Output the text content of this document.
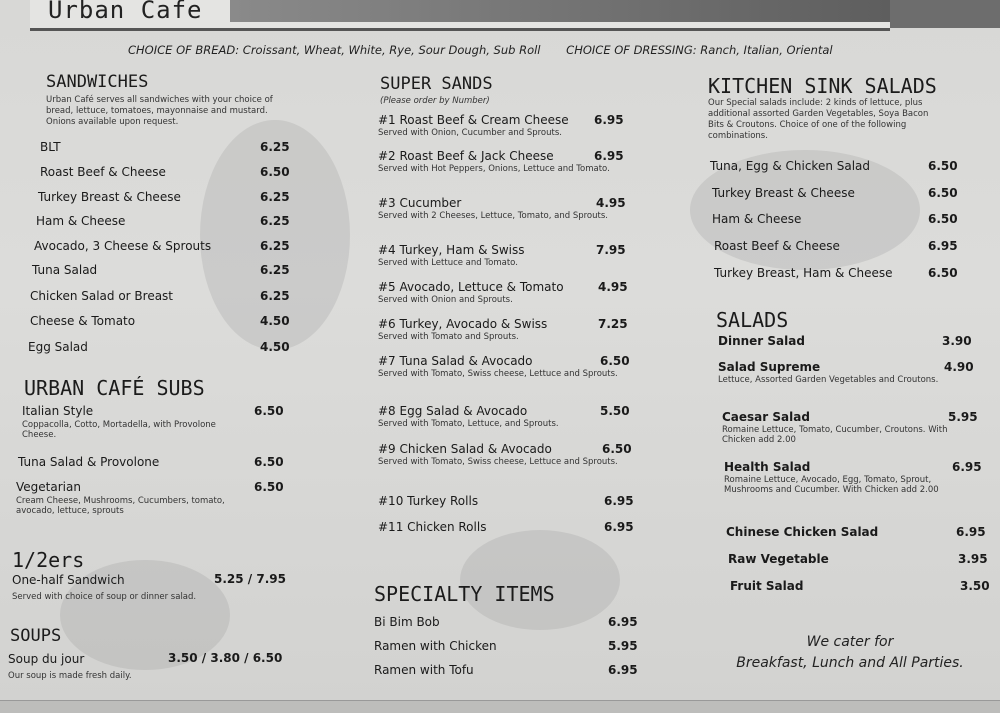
Urban Cafe
CHOICE OF BREAD: Croissant, Wheat, White, Rye, Sour Dough, Sub Roll CHOICE OF DRESSING: Ranch, Italian, Oriental
SANDWICHES
Urban Café serves all sandwiches with your choice of bread, lettuce, tomatoes, mayonnaise and mustard. Onions available upon request.
BLT	6.25
Roast Beef & Cheese	6.50
Turkey Breast & Cheese	6.25
Ham & Cheese	6.25
Avocado, 3 Cheese & Sprouts	6.25
Tuna Salad	6.25
Chicken Salad or Breast	6.25
Cheese & Tomato	4.50
Egg Salad	4.50
URBAN CAFÉ SUBS
Italian Style	6.50
Coppacolla, Cotto, Mortadella, with Provolone Cheese.
Tuna Salad & Provolone	6.50
Vegetarian	6.50
Cream Cheese, Mushrooms, Cucumbers, tomato, avocado, lettuce, sprouts
1/2ers
One-half Sandwich	5.25 / 7.95
Served with choice of soup or dinner salad.
SOUPS
Soup du jour	3.50 / 3.80 / 6.50
Our soup is made fresh daily.
SUPER SANDS
(Please order by Number)
#1 Roast Beef & Cream Cheese 6.95
Served with Onion, Cucumber and Sprouts.
#2 Roast Beef & Jack Cheese	6.95
Served with Hot Peppers, Onions, Lettuce and Tomato.
#3 Cucumber	4.95
Served with 2 Cheeses, Lettuce, Tomato, and Sprouts.
#4 Turkey, Ham & Swiss	7.95
Served with Lettuce and Tomato.
#5 Avocado, Lettuce & Tomato	4.95
Served with Onion and Sprouts.
#6 Turkey, Avocado & Swiss	7.25
Served with Tomato and Sprouts.
#7 Tuna Salad & Avocado	6.50
Served with Tomato, Swiss cheese, Lettuce and Sprouts.
#8 Egg Salad & Avocado	5.50
Served with Tomato, Lettuce, and Sprouts.
#9 Chicken Salad & Avocado	6.50
Served with Tomato, Swiss cheese, Lettuce and Sprouts.
#10 Turkey Rolls	6.95
#11 Chicken Rolls	6.95
SPECIALTY ITEMS
Bi Bim Bob	6.95
Ramen with Chicken	5.95
Ramen with Tofu	6.95
KITCHEN SINK SALADS
Our Special salads include: 2 kinds of lettuce, plus additional assorted Garden Vegetables, Soya Bacon Bits & Croutons. Choice of one of the following combinations.
Tuna, Egg & Chicken Salad	6.50
Turkey Breast & Cheese	6.50
Ham & Cheese	6.50
Roast Beef & Cheese	6.95
Turkey Breast, Ham & Cheese	6.50
SALADS
Dinner Salad	3.90
Salad Supreme	4.90
Lettuce, Assorted Garden Vegetables and Croutons.
Caesar Salad	5.95
Romaine Lettuce, Tomato, Cucumber, Croutons. With Chicken add 2.00
Health Salad	6.95
Romaine Lettuce, Avocado, Egg, Tomato, Sprout, Mushrooms and Cucumber. With Chicken add 2.00
Chinese Chicken Salad	6.95
Raw Vegetable	3.95
Fruit Salad	3.50
We cater for
Breakfast, Lunch and All Parties.
